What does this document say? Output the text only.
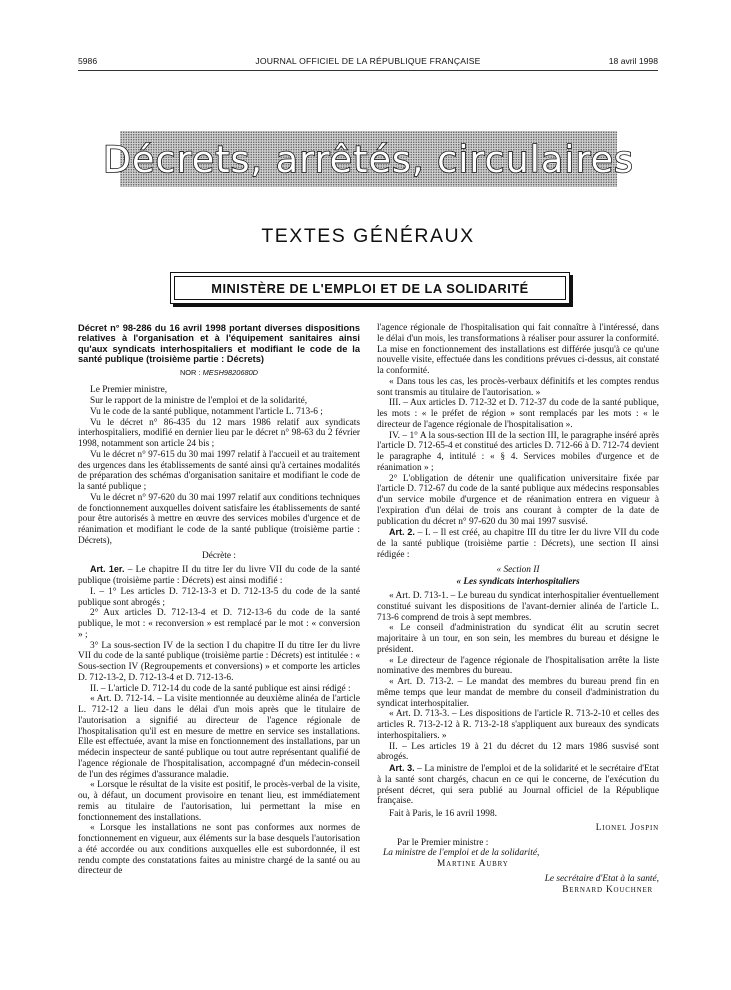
5986	JOURNAL OFFICIEL DE LA RÉPUBLIQUE FRANÇAISE	18 avril 1998
Décrets, arrêtés, circulaires
TEXTES GÉNÉRAUX
MINISTÈRE DE L'EMPLOI ET DE LA SOLIDARITÉ

Décret n° 98-286 du 16 avril 1998 portant diverses dispositions relatives à l'organisation et à l'équipement sanitaires ainsi qu'aux syndicats interhospitaliers et modifiant le code de la santé publique (troisième partie : Décrets)

NOR : MESH9820680D

Le Premier ministre,

Sur le rapport de la ministre de l'emploi et de la solidarité,

Vu le code de la santé publique, notamment l'article L. 713-6 ;

Vu le décret n° 86-435 du 12 mars 1986 relatif aux syndicats interhospitaliers, modifié en dernier lieu par le décret n° 98-63 du 2 février 1998, notamment son article 24 bis ;

Vu le décret n° 97-615 du 30 mai 1997 relatif à l'accueil et au traitement des urgences dans les établissements de santé ainsi qu'à certaines modalités de préparation des schémas d'organisation sanitaire et modifiant le code de la santé publique ;

Vu le décret n° 97-620 du 30 mai 1997 relatif aux conditions techniques de fonctionnement auxquelles doivent satisfaire les établissements de santé pour être autorisés à mettre en œuvre des services mobiles d'urgence et de réanimation et modifiant le code de la santé publique (troisième partie : Décrets),

Décrète :

Art. 1er. – Le chapitre II du titre Ier du livre VII du code de la santé publique (troisième partie : Décrets) est ainsi modifié :

I. – 1° Les articles D. 712-13-3 et D. 712-13-5 du code de la santé publique sont abrogés ;

2° Aux articles D. 712-13-4 et D. 712-13-6 du code de la santé publique, le mot : « reconversion » est remplacé par le mot : « conversion » ;

3° La sous-section IV de la section I du chapitre II du titre Ier du livre VII du code de la santé publique (troisième partie : Décrets) est intitulée : « Sous-section IV (Regroupements et conversions) » et comporte les articles D. 712-13-2, D. 712-13-4 et D. 712-13-6.

II. – L'article D. 712-14 du code de la santé publique est ainsi rédigé :

« Art. D. 712-14. – La visite mentionnée au deuxième alinéa de l'article L. 712-12 a lieu dans le délai d'un mois après que le titulaire de l'autorisation a signifié au directeur de l'agence régionale de l'hospitalisation qu'il est en mesure de mettre en service ses installations. Elle est effectuée, avant la mise en fonctionnement des installations, par un médecin inspecteur de santé publique ou tout autre représentant qualifié de l'agence régionale de l'hospitalisation, accompagné d'un médecin-conseil de l'un des régimes d'assurance maladie.

« Lorsque le résultat de la visite est positif, le procès-verbal de la visite, ou, à défaut, un document provisoire en tenant lieu, est immédiatement remis au titulaire de l'autorisation, lui permettant la mise en fonctionnement des installations.

« Lorsque les installations ne sont pas conformes aux normes de fonctionnement en vigueur, aux éléments sur la base desquels l'autorisation a été accordée ou aux conditions auxquelles elle est subordonnée, il est rendu compte des constatations faites au ministre chargé de la santé ou au directeur de

l'agence régionale de l'hospitalisation qui fait connaître à l'intéressé, dans le délai d'un mois, les transformations à réaliser pour assurer la conformité. La mise en fonctionnement des installations est différée jusqu'à ce qu'une nouvelle visite, effectuée dans les conditions prévues ci-dessus, ait constaté la conformité.

« Dans tous les cas, les procès-verbaux définitifs et les comptes rendus sont transmis au titulaire de l'autorisation. »

III. – Aux articles D. 712-32 et D. 712-37 du code de la santé publique, les mots : « le préfet de région » sont remplacés par les mots : « le directeur de l'agence régionale de l'hospitalisation ».

IV. – 1° A la sous-section III de la section III, le paragraphe inséré après l'article D. 712-65-4 et constitué des articles D. 712-66 à D. 712-74 devient le paragraphe 4, intitulé : « § 4. Services mobiles d'urgence et de réanimation » ;

2° L'obligation de détenir une qualification universitaire fixée par l'article D. 712-67 du code de la santé publique aux médecins responsables d'un service mobile d'urgence et de réanimation entrera en vigueur à l'expiration d'un délai de trois ans courant à compter de la date de publication du décret n° 97-620 du 30 mai 1997 susvisé.

Art. 2. – I. – Il est créé, au chapitre III du titre Ier du livre VII du code de la santé publique (troisième partie : Décrets), une section II ainsi rédigée :

« Section II

« Les syndicats interhospitaliers

« Art. D. 713-1. – Le bureau du syndicat interhospitalier éventuellement constitué suivant les dispositions de l'avant-dernier alinéa de l'article L. 713-6 comprend de trois à sept membres.

« Le conseil d'administration du syndicat élit au scrutin secret majoritaire à un tour, en son sein, les membres du bureau et désigne le président.

« Le directeur de l'agence régionale de l'hospitalisation arrête la liste nominative des membres du bureau.

« Art. D. 713-2. – Le mandat des membres du bureau prend fin en même temps que leur mandat de membre du conseil d'administration du syndicat interhospitalier.

« Art. D. 713-3. – Les dispositions de l'article R. 713-2-10 et celles des articles R. 713-2-12 à R. 713-2-18 s'appliquent aux bureaux des syndicats interhospitaliers. »

II. – Les articles 19 à 21 du décret du 12 mars 1986 susvisé sont abrogés.

Art. 3. – La ministre de l'emploi et de la solidarité et le secrétaire d'Etat à la santé sont chargés, chacun en ce qui le concerne, de l'exécution du présent décret, qui sera publié au Journal officiel de la République française.

Fait à Paris, le 16 avril 1998.

Lionel Jospin

Par le Premier ministre :

La ministre de l'emploi et de la solidarité,

Martine Aubry

Le secrétaire d'Etat à la santé,

Bernard Kouchner
